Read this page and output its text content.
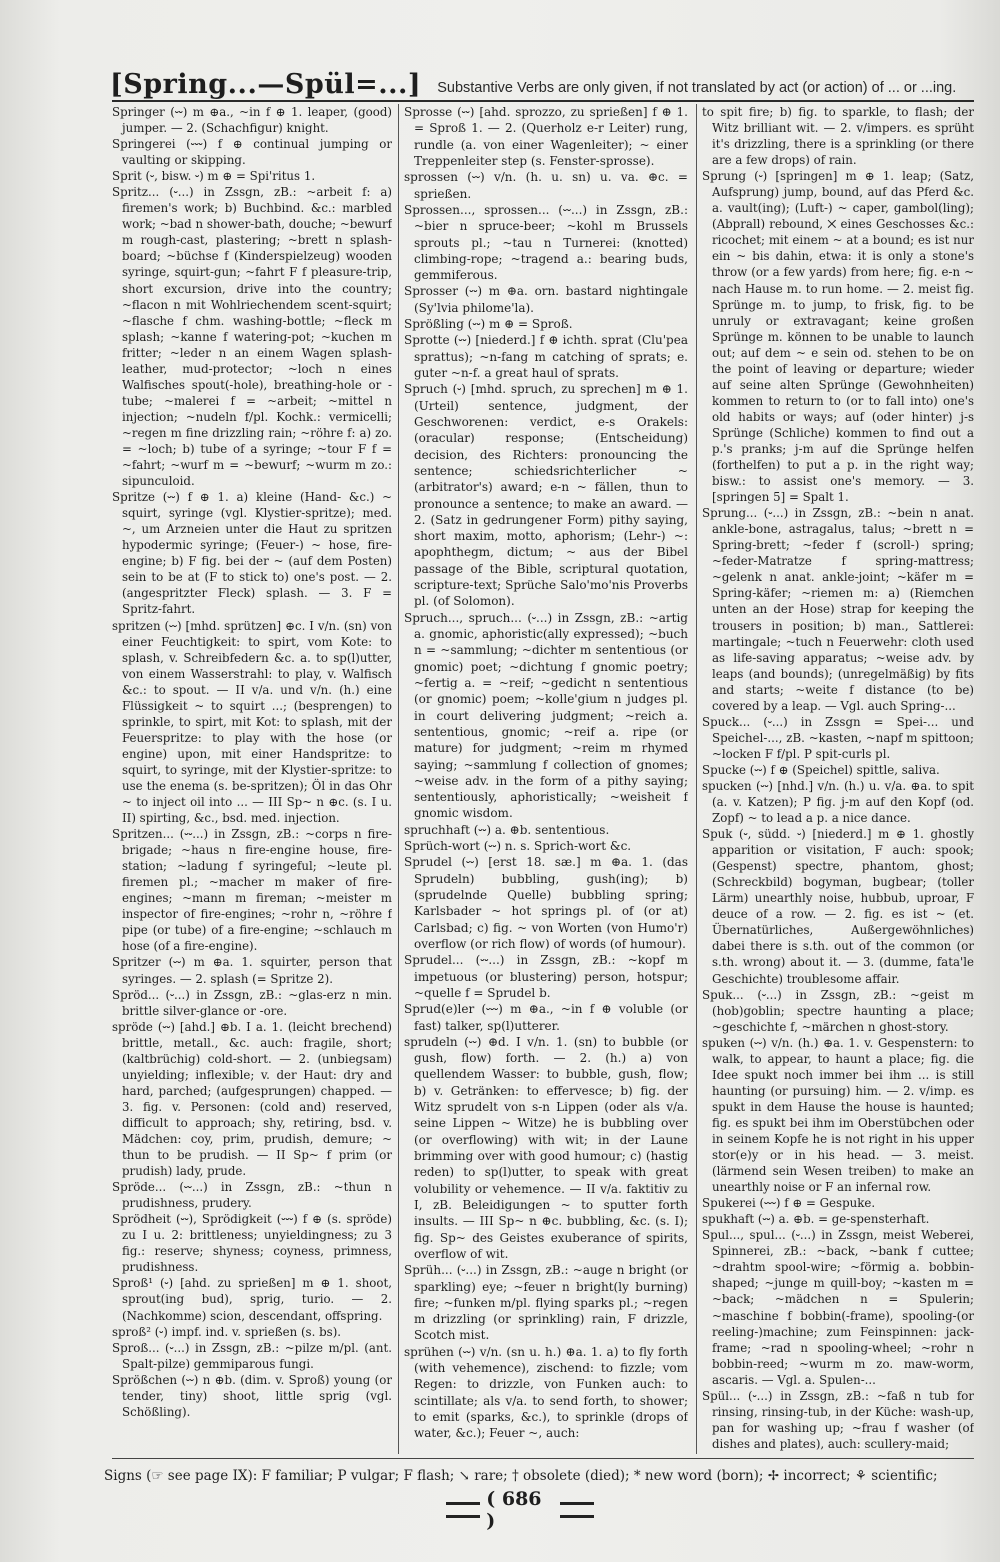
[Spring...—Spül=...] Substantive Verbs are only given, if not translated by act (or action) of ... or ...ing.

Springer (⏑⏑) m ⊕a., ~in f ⊕ 1. leaper, (good) jumper. — 2. (Schachfigur) knight.

Springerei (⏑⏑⏑) f ⊕ continual jumping or vaulting or skipping.

Sprit (⏑, bisw. ⏑) m ⊕ = Spi'ritus 1.

Spritz... (⏑...) in Zssgn, zB.: ~arbeit f: a) firemen's work; b) Buchbind. &c.: marbled work; ~bad n shower-bath, douche; ~bewurf m rough-cast, plastering; ~brett n splash-board; ~büchse f (Kinderspielzeug) wooden syringe, squirt-gun; ~fahrt F f pleasure-trip, short excursion, drive into the country; ~flacon n mit Wohlriechendem scent-squirt; ~flasche f chm. washing-bottle; ~fleck m splash; ~kanne f watering-pot; ~kuchen m fritter; ~leder n an einem Wagen splash-leather, mud-protector; ~loch n eines Walfisches spout(-hole), breathing-hole or -tube; ~malerei f = ~arbeit; ~mittel n injection; ~nudeln f/pl. Kochk.: vermicelli; ~regen m fine drizzling rain; ~röhre f: a) zo. = ~loch; b) tube of a syringe; ~tour F f = ~fahrt; ~wurf m = ~bewurf; ~wurm m zo.: sipunculoid.

Spritze (⏑⏑) f ⊕ 1. a) kleine (Hand- &c.) ~ squirt, syringe (vgl. Klystier-spritze); med. ~, um Arzneien unter die Haut zu spritzen hypodermic syringe; (Feuer-) ~ hose, fire-engine; b) F fig. bei der ~ (auf dem Posten) sein to be at (F to stick to) one's post. — 2. (angespritzter Fleck) splash. — 3. F = Spritz-fahrt.

spritzen (⏑⏑) [mhd. sprützen] ⊕c. I v/n. (sn) von einer Feuchtigkeit: to spirt, vom Kote: to splash, v. Schreibfedern &c. a. to sp(l)utter, von einem Wasserstrahl: to play, v. Walfisch &c.: to spout. — II v/a. und v/n. (h.) eine Flüssigkeit ~ to squirt ...; (besprengen) to sprinkle, to spirt, mit Kot: to splash, mit der Feuerspritze: to play with the hose (or engine) upon, mit einer Handspritze: to squirt, to syringe, mit der Klystier-spritze: to use the enema (s. be-spritzen); Öl in das Ohr ~ to inject oil into ... — III Sp~ n ⊕c. (s. I u. II) spirting, &c., bsd. med. injection.

Spritzen... (⏑⏑...) in Zssgn, zB.: ~corps n fire-brigade; ~haus n fire-engine house, fire-station; ~ladung f syringeful; ~leute pl. firemen pl.; ~macher m maker of fire-engines; ~mann m fireman; ~meister m inspector of fire-engines; ~rohr n, ~röhre f pipe (or tube) of a fire-engine; ~schlauch m hose (of a fire-engine).

Spritzer (⏑⏑) m ⊕a. 1. squirter, person that syringes. — 2. splash (= Spritze 2).

Spröd... (⏑...) in Zssgn, zB.: ~glas-erz n min. brittle silver-glance or -ore.

spröde (⏑⏑) [ahd.] ⊕b. I a. 1. (leicht brechend) brittle, metall., &c. auch: fragile, short; (kaltbrüchig) cold-short. — 2. (unbiegsam) unyielding; inflexible; v. der Haut: dry and hard, parched; (aufgesprungen) chapped. — 3. fig. v. Personen: (cold and) reserved, difficult to approach; shy, retiring, bsd. v. Mädchen: coy, prim, prudish, demure; ~ thun to be prudish. — II Sp~ f prim (or prudish) lady, prude.

Spröde... (⏑⏑...) in Zssgn, zB.: ~thun n prudishness, prudery.

Sprödheit (⏑⏑), Sprödigkeit (⏑⏑⏑) f ⊕ (s. spröde) zu I u. 2: brittleness; unyieldingness; zu 3 fig.: reserve; shyness; coyness, primness, prudishness.

Sproß¹ (⏑) [ahd. zu sprießen] m ⊕ 1. shoot, sprout(ing bud), sprig, turio. — 2. (Nachkomme) scion, descendant, offspring.

sproß² (⏑) impf. ind. v. sprießen (s. bs).

Sproß... (⏑...) in Zssgn, zB.: ~pilze m/pl. (ant. Spalt-pilze) gemmiparous fungi.

Sprößchen (⏑⏑) n ⊕b. (dim. v. Sproß) young (or tender, tiny) shoot, little sprig (vgl. Schößling).

Sprosse (⏑⏑) [ahd. sprozzo, zu sprießen] f ⊕ 1. = Sproß 1. — 2. (Querholz e-r Leiter) rung, rundle (a. von einer Wagenleiter); ~ einer Treppenleiter step (s. Fenster-sprosse).

sprossen (⏑⏑) v/n. (h. u. sn) u. va. ⊕c. = sprießen.

Sprossen..., sprossen... (⏑⏑...) in Zssgn, zB.: ~bier n spruce-beer; ~kohl m Brussels sprouts pl.; ~tau n Turnerei: (knotted) climbing-rope; ~tragend a.: bearing buds, gemmiferous.

Sprosser (⏑⏑) m ⊕a. orn. bastard nightingale (Sy'lvia philome'la).

Sprößling (⏑⏑) m ⊕ = Sproß.

Sprotte (⏑⏑) [niederd.] f ⊕ ichth. sprat (Clu'pea sprattus); ~n-fang m catching of sprats; e. guter ~n-f. a great haul of sprats.

Spruch (⏑) [mhd. spruch, zu sprechen] m ⊕ 1. (Urteil) sentence, judgment, der Geschworenen: verdict, e-s Orakels: (oracular) response; (Entscheidung) decision, des Richters: pronouncing the sentence; schiedsrichterlicher ~ (arbitrator's) award; e-n ~ fällen, thun to pronounce a sentence; to make an award. — 2. (Satz in gedrungener Form) pithy saying, short maxim, motto, aphorism; (Lehr-) ~: apophthegm, dictum; ~ aus der Bibel passage of the Bible, scriptural quotation, scripture-text; Sprüche Salo'mo'nis Proverbs pl. (of Solomon).

Spruch..., spruch... (⏑...) in Zssgn, zB.: ~artig a. gnomic, aphoristic(ally expressed); ~buch n = ~sammlung; ~dichter m sententious (or gnomic) poet; ~dichtung f gnomic poetry; ~fertig a. = ~reif; ~gedicht n sententious (or gnomic) poem; ~kolle'gium n judges pl. in court delivering judgment; ~reich a. sententious, gnomic; ~reif a. ripe (or mature) for judgment; ~reim m rhymed saying; ~sammlung f collection of gnomes; ~weise adv. in the form of a pithy saying; sententiously, aphoristically; ~weisheit f gnomic wisdom.

spruchhaft (⏑⏑) a. ⊕b. sententious.

Sprüch-wort (⏑⏑) n. s. Sprich-wort &c.

Sprudel (⏑⏑) [erst 18. sæ.] m ⊕a. 1. (das Sprudeln) bubbling, gush(ing); b) (sprudelnde Quelle) bubbling spring; Karlsbader ~ hot springs pl. of (or at) Carlsbad; c) fig. ~ von Worten (von Humo'r) overflow (or rich flow) of words (of humour).

Sprudel... (⏑⏑...) in Zssgn, zB.: ~kopf m impetuous (or blustering) person, hotspur; ~quelle f = Sprudel b.

Sprud(e)ler (⏑⏑⏑) m ⊕a., ~in f ⊕ voluble (or fast) talker, sp(l)utterer.

sprudeln (⏑⏑) ⊕d. I v/n. 1. (sn) to bubble (or gush, flow) forth. — 2. (h.) a) von quellendem Wasser: to bubble, gush, flow; b) v. Getränken: to effervesce; b) fig. der Witz sprudelt von s-n Lippen (oder als v/a. seine Lippen ~ Witze) he is bubbling over (or overflowing) with wit; in der Laune brimming over with good humour; c) (hastig reden) to sp(l)utter, to speak with great volubility or vehemence. — II v/a. faktitiv zu I, zB. Beleidigungen ~ to sputter forth insults. — III Sp~ n ⊕c. bubbling, &c. (s. I); fig. Sp~ des Geistes exuberance of spirits, overflow of wit.

Sprüh... (⏑...) in Zssgn, zB.: ~auge n bright (or sparkling) eye; ~feuer n bright(ly burning) fire; ~funken m/pl. flying sparks pl.; ~regen m drizzling (or sprinkling) rain, F drizzle, Scotch mist.

sprühen (⏑⏑) v/n. (sn u. h.) ⊕a. 1. a) to fly forth (with vehemence), zischend: to fizzle; vom Regen: to drizzle, von Funken auch: to scintillate; als v/a. to send forth, to shower; to emit (sparks, &c.), to sprinkle (drops of water, &c.); Feuer ~, auch:

to spit fire; b) fig. to sparkle, to flash; der Witz brilliant wit. — 2. v/impers. es sprüht it's drizzling, there is a sprinkling (or there are a few drops) of rain.

Sprung (⏑) [springen] m ⊕ 1. leap; (Satz, Aufsprung) jump, bound, auf das Pferd &c. a. vault(ing); (Luft-) ~ caper, gambol(ling); (Abprall) rebound, ✕ eines Geschosses &c.: ricochet; mit einem ~ at a bound; es ist nur ein ~ bis dahin, etwa: it is only a stone's throw (or a few yards) from here; fig. e-n ~ nach Hause m. to run home. — 2. meist fig. Sprünge m. to jump, to frisk, fig. to be unruly or extravagant; keine großen Sprünge m. können to be unable to launch out; auf dem ~ e sein od. stehen to be on the point of leaving or departure; wieder auf seine alten Sprünge (Gewohnheiten) kommen to return to (or to fall into) one's old habits or ways; auf (oder hinter) j-s Sprünge (Schliche) kommen to find out a p.'s pranks; j-m auf die Sprünge helfen (forthelfen) to put a p. in the right way; bisw.: to assist one's memory. — 3. [springen 5] = Spalt 1.

Sprung... (⏑...) in Zssgn, zB.: ~bein n anat. ankle-bone, astragalus, talus; ~brett n = Spring-brett; ~feder f (scroll-) spring; ~feder-Matratze f spring-mattress; ~gelenk n anat. ankle-joint; ~käfer m = Spring-käfer; ~riemen m: a) (Riemchen unten an der Hose) strap for keeping the trousers in position; b) man., Sattlerei: martingale; ~tuch n Feuerwehr: cloth used as life-saving apparatus; ~weise adv. by leaps (and bounds); (unregelmäßig) by fits and starts; ~weite f distance (to be) covered by a leap. — Vgl. auch Spring-...

Spuck... (⏑...) in Zssgn = Spei-... und Speichel-..., zB. ~kasten, ~napf m spittoon; ~locken F f/pl. P spit-curls pl.

Spucke (⏑⏑) f ⊕ (Speichel) spittle, saliva.

spucken (⏑⏑) [nhd.] v/n. (h.) u. v/a. ⊕a. to spit (a. v. Katzen); P fig. j-m auf den Kopf (od. Zopf) ~ to lead a p. a nice dance.

Spuk (⏑, südd. ⏑) [niederd.] m ⊕ 1. ghostly apparition or visitation, F auch: spook; (Gespenst) spectre, phantom, ghost; (Schreckbild) bogyman, bugbear; (toller Lärm) unearthly noise, hubbub, uproar, F deuce of a row. — 2. fig. es ist ~ (et. Übernatürliches, Außergewöhnliches) dabei there is s.th. out of the common (or s.th. wrong) about it. — 3. (dumme, fata'le Geschichte) troublesome affair.

Spuk... (⏑...) in Zssgn, zB.: ~geist m (hob)goblin; spectre haunting a place; ~geschichte f, ~märchen n ghost-story.

spuken (⏑⏑) v/n. (h.) ⊕a. 1. v. Gespenstern: to walk, to appear, to haunt a place; fig. die Idee spukt noch immer bei ihm ... is still haunting (or pursuing) him. — 2. v/imp. es spukt in dem Hause the house is haunted; fig. es spukt bei ihm im Oberstübchen oder in seinem Kopfe he is not right in his upper stor(e)y or in his head. — 3. meist. (lärmend sein Wesen treiben) to make an unearthly noise or F an infernal row.

Spukerei (⏑⏑⏑) f ⊕ = Gespuke.

spukhaft (⏑⏑) a. ⊕b. = ge-spensterhaft.

Spul..., spul... (⏑...) in Zssgn, meist Weberei, Spinnerei, zB.: ~back, ~bank f cuttee; ~drahtm spool-wire; ~förmig a. bobbin-shaped; ~junge m quill-boy; ~kasten m = ~back; ~mädchen n = Spulerin; ~maschine f bobbin(-frame), spooling-(or reeling-)machine; zum Feinspinnen: jack-frame; ~rad n spooling-wheel; ~rohr n bobbin-reed; ~wurm m zo. maw-worm, ascaris. — Vgl. a. Spulen-...

Spül... (⏑...) in Zssgn, zB.: ~faß n tub for rinsing, rinsing-tub, in der Küche: wash-up, pan for washing up; ~frau f washer (of dishes and plates), auch: scullery-maid;

Signs (☞ see page IX): F familiar; P vulgar; F flash; ↘ rare; † obsolete (died); * new word (born); ✢ incorrect; ⚘ scientific;
( 686 )
